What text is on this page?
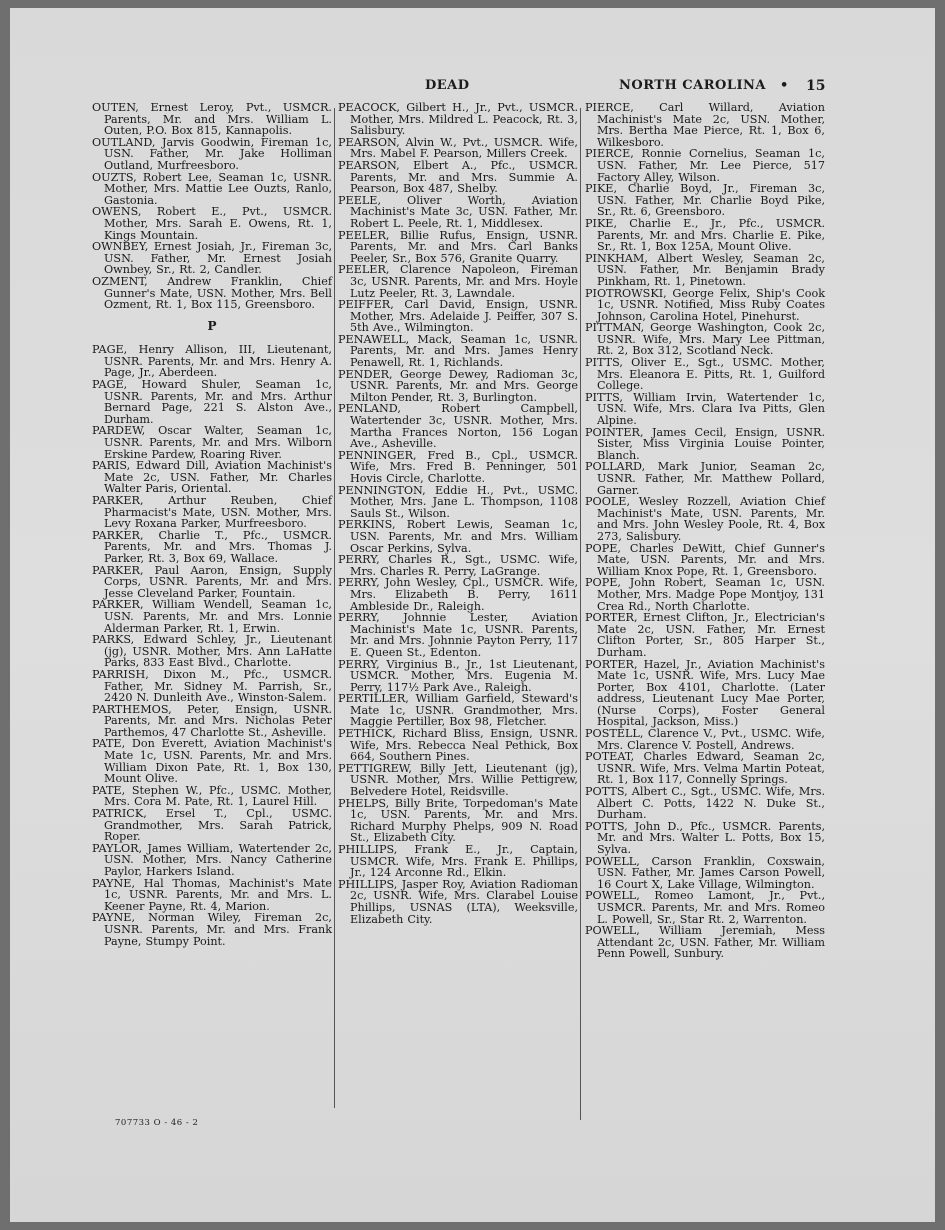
DEAD	NORTH CAROLINA • 15
OUTEN, Ernest Leroy, Pvt., USMCR. Parents, Mr. and Mrs. William L. Outen, P.O. Box 815, Kannapolis.
OUTLAND, Jarvis Goodwin, Fireman 1c, USN. Father, Mr. Jake Holliman Outland, Murfreesboro.
OUZTS, Robert Lee, Seaman 1c, USNR. Mother, Mrs. Mattie Lee Ouzts, Ranlo, Gastonia.
OWENS, Robert E., Pvt., USMCR. Mother, Mrs. Sarah E. Owens, Rt. 1, Kings Mountain.
OWNBEY, Ernest Josiah, Jr., Fireman 3c, USN. Father, Mr. Ernest Josiah Ownbey, Sr., Rt. 2, Candler.
OZMENT, Andrew Franklin, Chief Gunner's Mate, USN. Mother, Mrs. Bell Ozment, Rt. 1, Box 115, Greensboro.
P
PAGE, Henry Allison, III, Lieutenant, USNR. Parents, Mr. and Mrs. Henry A. Page, Jr., Aberdeen.
PAGE, Howard Shuler, Seaman 1c, USNR. Parents, Mr. and Mrs. Arthur Bernard Page, 221 S. Alston Ave., Durham.
PARDEW, Oscar Walter, Seaman 1c, USNR. Parents, Mr. and Mrs. Wilborn Erskine Pardew, Roaring River.
PARIS, Edward Dill, Aviation Machinist's Mate 2c, USN. Father, Mr. Charles Walter Paris, Oriental.
PARKER, Arthur Reuben, Chief Pharmacist's Mate, USN. Mother, Mrs. Levy Roxana Parker, Murfreesboro.
PARKER, Charlie T., Pfc., USMCR. Parents, Mr. and Mrs. Thomas J. Parker, Rt. 3, Box 69, Wallace.
PARKER, Paul Aaron, Ensign, Supply Corps, USNR. Parents, Mr. and Mrs. Jesse Cleveland Parker, Fountain.
PARKER, William Wendell, Seaman 1c, USN. Parents, Mr. and Mrs. Lonnie Alderman Parker, Rt. 1, Erwin.
PARKS, Edward Schley, Jr., Lieutenant (jg), USNR. Mother, Mrs. Ann LaHatte Parks, 833 East Blvd., Charlotte.
PARRISH, Dixon M., Pfc., USMCR. Father, Mr. Sidney M. Parrish, Sr., 2420 N. Dunleith Ave., Winston-Salem.
PARTHEMOS, Peter, Ensign, USNR. Parents, Mr. and Mrs. Nicholas Peter Parthemos, 47 Charlotte St., Asheville.
PATE, Don Everett, Aviation Machinist's Mate 1c, USN. Parents, Mr. and Mrs. William Dixon Pate, Rt. 1, Box 130, Mount Olive.
PATE, Stephen W., Pfc., USMC. Mother, Mrs. Cora M. Pate, Rt. 1, Laurel Hill.
PATRICK, Ersel T., Cpl., USMC. Grandmother, Mrs. Sarah Patrick, Roper.
PAYLOR, James William, Watertender 2c, USN. Mother, Mrs. Nancy Catherine Paylor, Harkers Island.
PAYNE, Hal Thomas, Machinist's Mate 1c, USNR. Parents, Mr. and Mrs. L. Keener Payne, Rt. 4, Marion.
PAYNE, Norman Wiley, Fireman 2c, USNR. Parents, Mr. and Mrs. Frank Payne, Stumpy Point.
PEACOCK, Gilbert H., Jr., Pvt., USMCR. Mother, Mrs. Mildred L. Peacock, Rt. 3, Salisbury.
PEARSON, Alvin W., Pvt., USMCR. Wife, Mrs. Mabel F. Pearson, Millers Creek.
PEARSON, Elbert A., Pfc., USMCR. Parents, Mr. and Mrs. Summie A. Pearson, Box 487, Shelby.
PEELE, Oliver Worth, Aviation Machinist's Mate 3c, USN. Father, Mr. Robert L. Peele, Rt. 1, Middlesex.
PEELER, Billie Rufus, Ensign, USNR. Parents, Mr. and Mrs. Carl Banks Peeler, Sr., Box 576, Granite Quarry.
PEELER, Clarence Napoleon, Fireman 3c, USNR. Parents, Mr. and Mrs. Hoyle Lutz Peeler, Rt. 3, Lawndale.
PEIFFER, Carl David, Ensign, USNR. Mother, Mrs. Adelaide J. Peiffer, 307 S. 5th Ave., Wilmington.
PENAWELL, Mack, Seaman 1c, USNR. Parents, Mr. and Mrs. James Henry Penawell, Rt. 1, Richlands.
PENDER, George Dewey, Radioman 3c, USNR. Parents, Mr. and Mrs. George Milton Pender, Rt. 3, Burlington.
PENLAND, Robert Campbell, Watertender 3c, USNR. Mother, Mrs. Martha Frances Norton, 156 Logan Ave., Asheville.
PENNINGER, Fred B., Cpl., USMCR. Wife, Mrs. Fred B. Penninger, 501 Hovis Circle, Charlotte.
PENNINGTON, Eddie H., Pvt., USMC. Mother, Mrs. Jane L. Thompson, 1108 Sauls St., Wilson.
PERKINS, Robert Lewis, Seaman 1c, USN. Parents, Mr. and Mrs. William Oscar Perkins, Sylva.
PERRY, Charles R., Sgt., USMC. Wife, Mrs. Charles R. Perry, LaGrange.
PERRY, John Wesley, Cpl., USMCR. Wife, Mrs. Elizabeth B. Perry, 1611 Ambleside Dr., Raleigh.
PERRY, Johnnie Lester, Aviation Machinist's Mate 1c, USNR. Parents, Mr. and Mrs. Johnnie Payton Perry, 117 E. Queen St., Edenton.
PERRY, Virginius B., Jr., 1st Lieutenant, USMCR. Mother, Mrs. Eugenia M. Perry, 117½ Park Ave., Raleigh.
PERTILLER, William Garfield, Steward's Mate 1c, USNR. Grandmother, Mrs. Maggie Pertiller, Box 98, Fletcher.
PETHICK, Richard Bliss, Ensign, USNR. Wife, Mrs. Rebecca Neal Pethick, Box 664, Southern Pines.
PETTIGREW, Billy Jett, Lieutenant (jg), USNR. Mother, Mrs. Willie Pettigrew, Belvedere Hotel, Reidsville.
PHELPS, Billy Brite, Torpedoman's Mate 1c, USN. Parents, Mr. and Mrs. Richard Murphy Phelps, 909 N. Road St., Elizabeth City.
PHILLIPS, Frank E., Jr., Captain, USMCR. Wife, Mrs. Frank E. Phillips, Jr., 124 Arconne Rd., Elkin.
PHILLIPS, Jasper Roy, Aviation Radioman 2c, USNR. Wife, Mrs. Clarabel Louise Phillips, USNAS (LTA), Weeksville, Elizabeth City.
PIERCE, Carl Willard, Aviation Machinist's Mate 2c, USN. Mother, Mrs. Bertha Mae Pierce, Rt. 1, Box 6, Wilkesboro.
PIERCE, Ronnie Cornelius, Seaman 1c, USN. Father, Mr. Lee Pierce, 517 Factory Alley, Wilson.
PIKE, Charlie Boyd, Jr., Fireman 3c, USN. Father, Mr. Charlie Boyd Pike, Sr., Rt. 6, Greensboro.
PIKE, Charlie E., Jr., Pfc., USMCR. Parents, Mr. and Mrs. Charlie E. Pike, Sr., Rt. 1, Box 125A, Mount Olive.
PINKHAM, Albert Wesley, Seaman 2c, USN. Father, Mr. Benjamin Brady Pinkham, Rt. 1, Pinetown.
PIOTROWSKI, George Felix, Ship's Cook 1c, USNR. Notified, Miss Ruby Coates Johnson, Carolina Hotel, Pinehurst.
PITTMAN, George Washington, Cook 2c, USNR. Wife, Mrs. Mary Lee Pittman, Rt. 2, Box 312, Scotland Neck.
PITTS, Oliver E., Sgt., USMC. Mother, Mrs. Eleanora E. Pitts, Rt. 1, Guilford College.
PITTS, William Irvin, Watertender 1c, USN. Wife, Mrs. Clara Iva Pitts, Glen Alpine.
POINTER, James Cecil, Ensign, USNR. Sister, Miss Virginia Louise Pointer, Blanch.
POLLARD, Mark Junior, Seaman 2c, USNR. Father, Mr. Matthew Pollard, Garner.
POOLE, Wesley Rozzell, Aviation Chief Machinist's Mate, USN. Parents, Mr. and Mrs. John Wesley Poole, Rt. 4, Box 273, Salisbury.
POPE, Charles DeWitt, Chief Gunner's Mate, USN. Parents, Mr. and Mrs. William Knox Pope, Rt. 1, Greensboro.
POPE, John Robert, Seaman 1c, USN. Mother, Mrs. Madge Pope Montjoy, 131 Crea Rd., North Charlotte.
PORTER, Ernest Clifton, Jr., Electrician's Mate 2c, USN. Father, Mr. Ernest Clifton Porter, Sr., 805 Harper St., Durham.
PORTER, Hazel, Jr., Aviation Machinist's Mate 1c, USNR. Wife, Mrs. Lucy Mae Porter, Box 4101, Charlotte. (Later address, Lieutenant Lucy Mae Porter, (Nurse Corps), Foster General Hospital, Jackson, Miss.)
POSTELL, Clarence V., Pvt., USMC. Wife, Mrs. Clarence V. Postell, Andrews.
POTEAT, Charles Edward, Seaman 2c, USNR. Wife, Mrs. Velma Martin Poteat, Rt. 1, Box 117, Connelly Springs.
POTTS, Albert C., Sgt., USMC. Wife, Mrs. Albert C. Potts, 1422 N. Duke St., Durham.
POTTS, John D., Pfc., USMCR. Parents, Mr. and Mrs. Walter L. Potts, Box 15, Sylva.
POWELL, Carson Franklin, Coxswain, USN. Father, Mr. James Carson Powell, 16 Court X, Lake Village, Wilmington.
POWELL, Romeo Lamont, Jr., Pvt., USMCR. Parents, Mr. and Mrs. Romeo L. Powell, Sr., Star Rt. 2, Warrenton.
POWELL, William Jeremiah, Mess Attendant 2c, USN. Father, Mr. William Penn Powell, Sunbury.
707733 O - 46 - 2
